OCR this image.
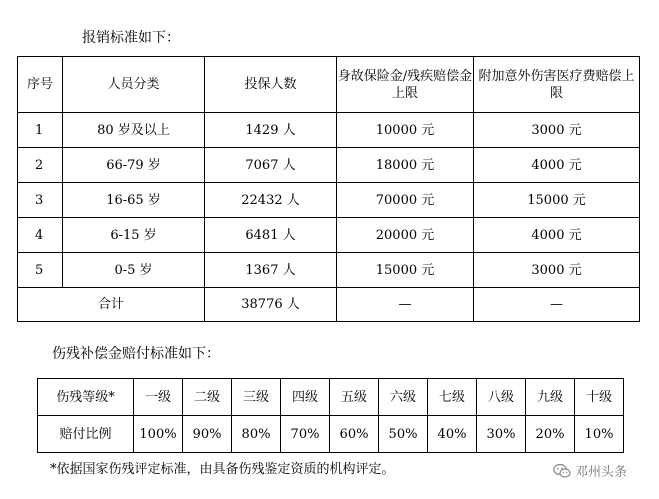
报销标准如下：
序号	人员分类	投保人数	身故保险金/残疾赔偿金上限	附加意外伤害医疗费赔偿上限
1	80 岁及以上	1429 人	10000 元	3000 元
2	66-79 岁	7067 人	18000 元	4000 元
3	16-65 岁	22432 人	70000 元	15000 元
4	6-15 岁	6481 人	20000 元	4000 元
5	0-5 岁	1367 人	15000 元	3000 元
合计		38776 人	—	—
伤残补偿金赔付标准如下：
伤残等级*	一级	二级	三级	四级	五级	六级	七级	八级	九级	十级
赔付比例	100%	90%	80%	70%	60%	50%	40%	30%	20%	10%
*依据国家伤残评定标准，由具备伤残鉴定资质的机构评定。	邓州头条
